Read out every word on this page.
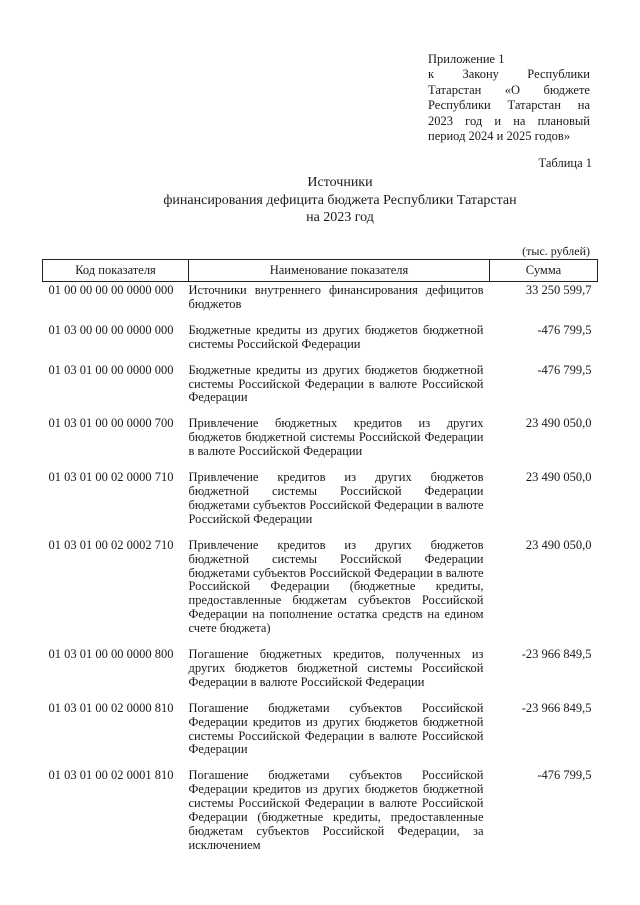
Приложение 1
к Закону Республики
Татарстан «О бюджете
Республики Татарстан на
2023 год и на плановый
период 2024 и 2025 годов»
Таблица 1
Источники
финансирования дефицита бюджета Республики Татарстан
на 2023 год
(тыс. рублей)
Код показателя	Наименование показателя	Сумма
01 00 00 00 00 0000 000	Источники внутреннего финансирования дефицитов бюджетов	33 250 599,7
01 03 00 00 00 0000 000	Бюджетные кредиты из других бюджетов бюджетной системы Российской Федерации	-476 799,5
01 03 01 00 00 0000 000	Бюджетные кредиты из других бюджетов бюджетной системы Российской Федерации в валюте Российской Федерации	-476 799,5
01 03 01 00 00 0000 700	Привлечение бюджетных кредитов из других бюджетов бюджетной системы Российской Федерации в валюте Российской Федерации	23 490 050,0
01 03 01 00 02 0000 710	Привлечение кредитов из других бюджетов бюджетной системы Российской Федерации бюджетами субъектов Российской Федерации в валюте Российской Федерации	23 490 050,0
01 03 01 00 02 0002 710	Привлечение кредитов из других бюджетов бюджетной системы Российской Федерации бюджетами субъектов Российской Федерации в валюте Российской Федерации (бюджетные кредиты, предоставленные бюджетам субъектов Российской Федерации на пополнение остатка средств на едином счете бюджета)	23 490 050,0
01 03 01 00 00 0000 800	Погашение бюджетных кредитов, полученных из других бюджетов бюджетной системы Российской Федерации в валюте Российской Федерации	-23 966 849,5
01 03 01 00 02 0000 810	Погашение бюджетами субъектов Российской Федерации кредитов из других бюджетов бюджетной системы Российской Федерации в валюте Российской Федерации	-23 966 849,5
01 03 01 00 02 0001 810	Погашение бюджетами субъектов Российской Федерации кредитов из других бюджетов бюджетной системы Российской Федерации в валюте Российской Федерации (бюджетные кредиты, предоставленные бюджетам субъектов Российской Федерации, за исключением	-476 799,5
